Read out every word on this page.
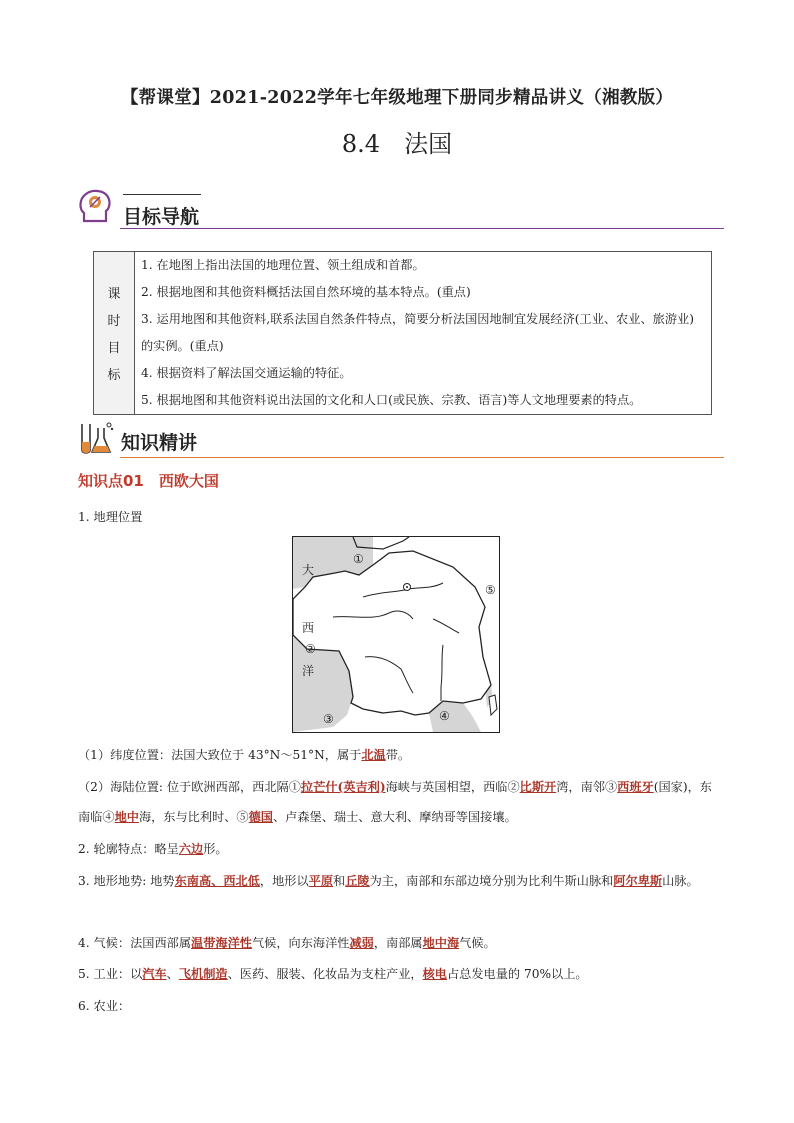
【帮课堂】2021-2022学年七年级地理下册同步精品讲义（湘教版）
8.4　法国
目标导航
课
时
目
标

1. 在地图上指出法国的地理位置、领土组成和首都。
2. 根据地图和其他资料概括法国自然环境的基本特点。(重点)
3. 运用地图和其他资料,联系法国自然条件特点，简要分析法国因地制宜发展经济(工业、农业、旅游业)的实例。(重点)
4. 根据资料了解法国交通运输的特征。
5. 根据地图和其他资料说出法国的文化和人口(或民族、宗教、语言)等人文地理要素的特点。
知识精讲
知识点01　西欧大国
1. 地理位置
大
西
洋
①
②
③	④
⑤
（1）纬度位置：法国大致位于 43°N～51°N，属于北温带。
（2）海陆位置: 位于欧洲西部，西北隔①拉芒什(英吉利)海峡与英国相望，西临②比斯开湾，南邻③西班牙(国家)，东南临④地中海，东与比利时、⑤德国、卢森堡、瑞士、意大利、摩纳哥等国接壤。
2. 轮廓特点：略呈六边形。
3. 地形地势: 地势东南高、西北低，地形以平原和丘陵为主，南部和东部边境分别为比利牛斯山脉和阿尔卑斯山脉。
4. 气候：法国西部属温带海洋性气候，向东海洋性减弱，南部属地中海气候。
5. 工业：以汽车、飞机制造、医药、服装、化妆品为支柱产业，核电占总发电量的 70%以上。
6. 农业：
